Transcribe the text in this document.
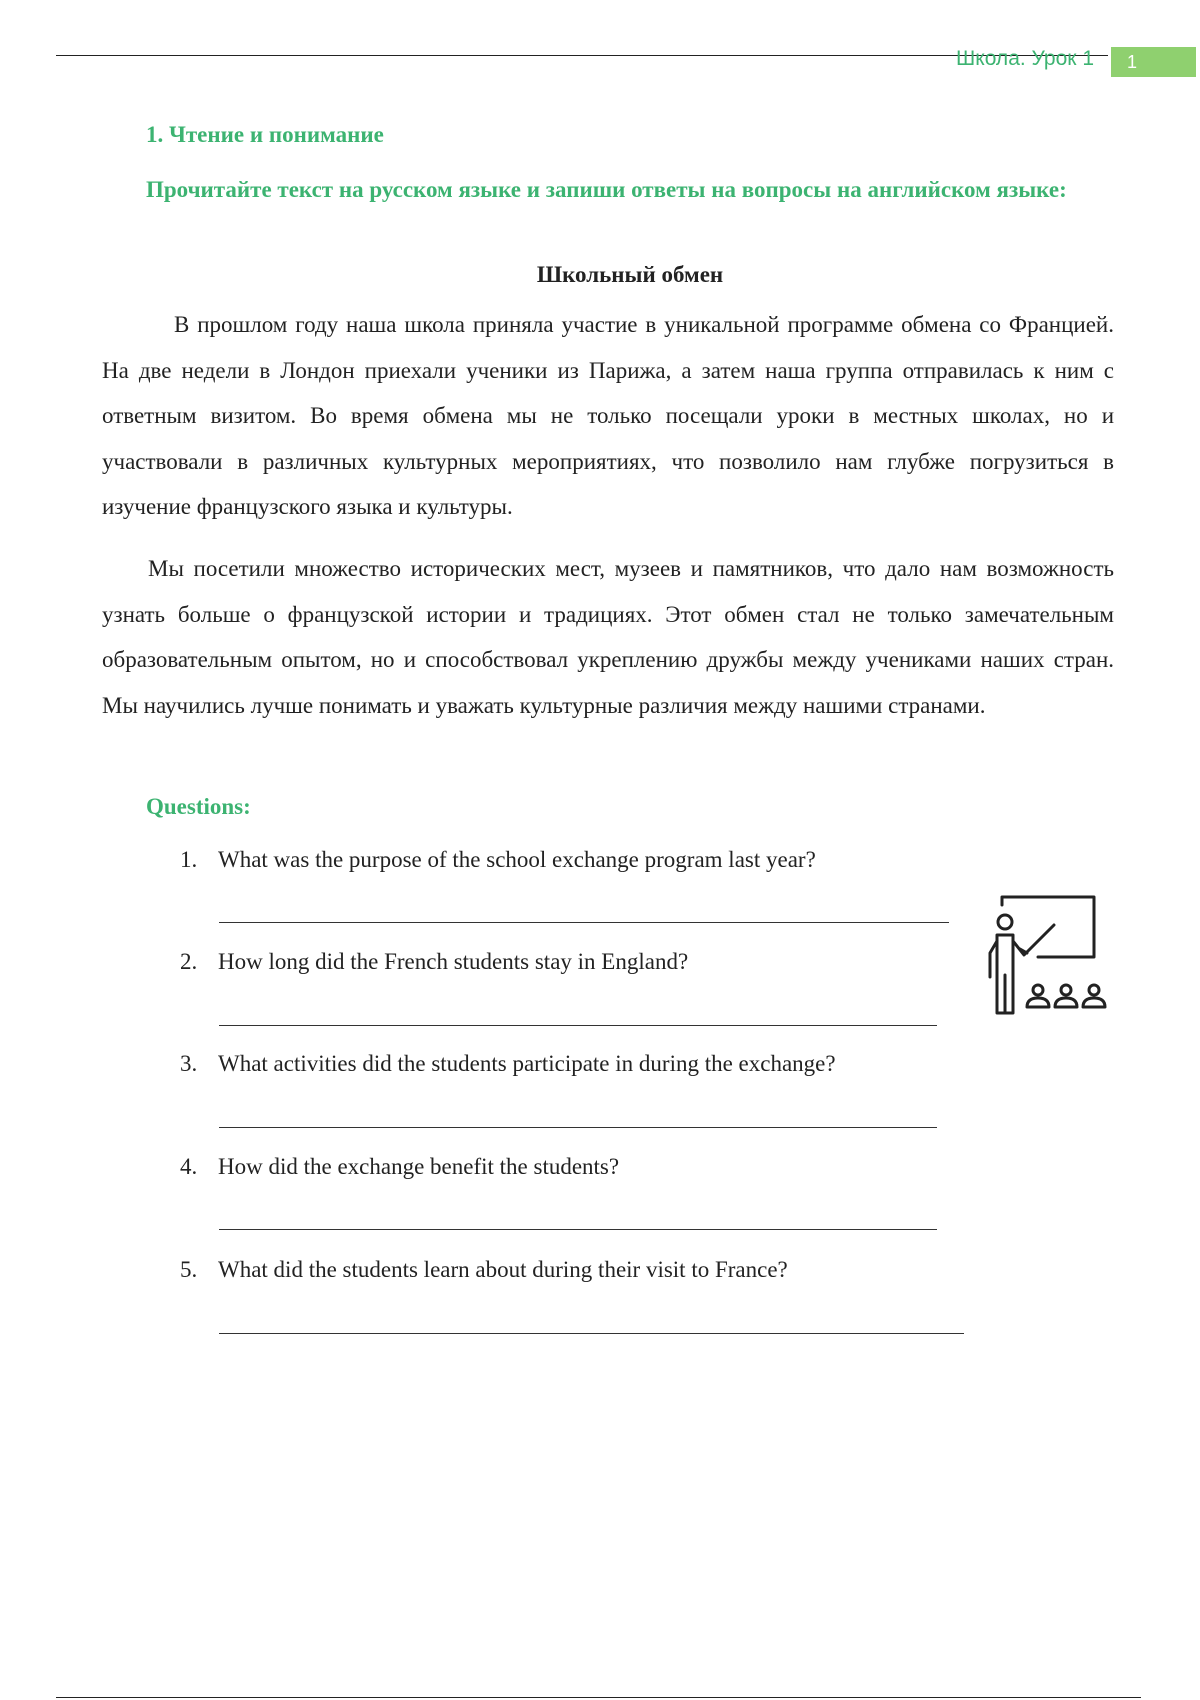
Школа. Урок 1	1
1. Чтение и понимание
Прочитайте текст на русском языке и запиши ответы на вопросы на английском языке:
Школьный обмен

В прошлом году наша школа приняла участие в уникальной программе обмена со Францией. На две недели в Лондон приехали ученики из Парижа, а затем наша группа отправилась к ним с ответным визитом. Во время обмена мы не только посещали уроки в местных школах, но и участвовали в различных культурных мероприятиях, что позволило нам глубже погрузиться в изучение французского языка и культуры.

Мы посетили множество исторических мест, музеев и памятников, что дало нам возможность узнать больше о французской истории и традициях. Этот обмен стал не только замечательным образовательным опытом, но и способствовал укреплению дружбы между учениками наших стран. Мы научились лучше понимать и уважать культурные различия между нашими странами.

Questions:
1. What was the purpose of the school exchange program last year?
2. How long did the French students stay in England?
3. What activities did the students participate in during the exchange?
4. How did the exchange benefit the students?
5. What did the students learn about during their visit to France?
